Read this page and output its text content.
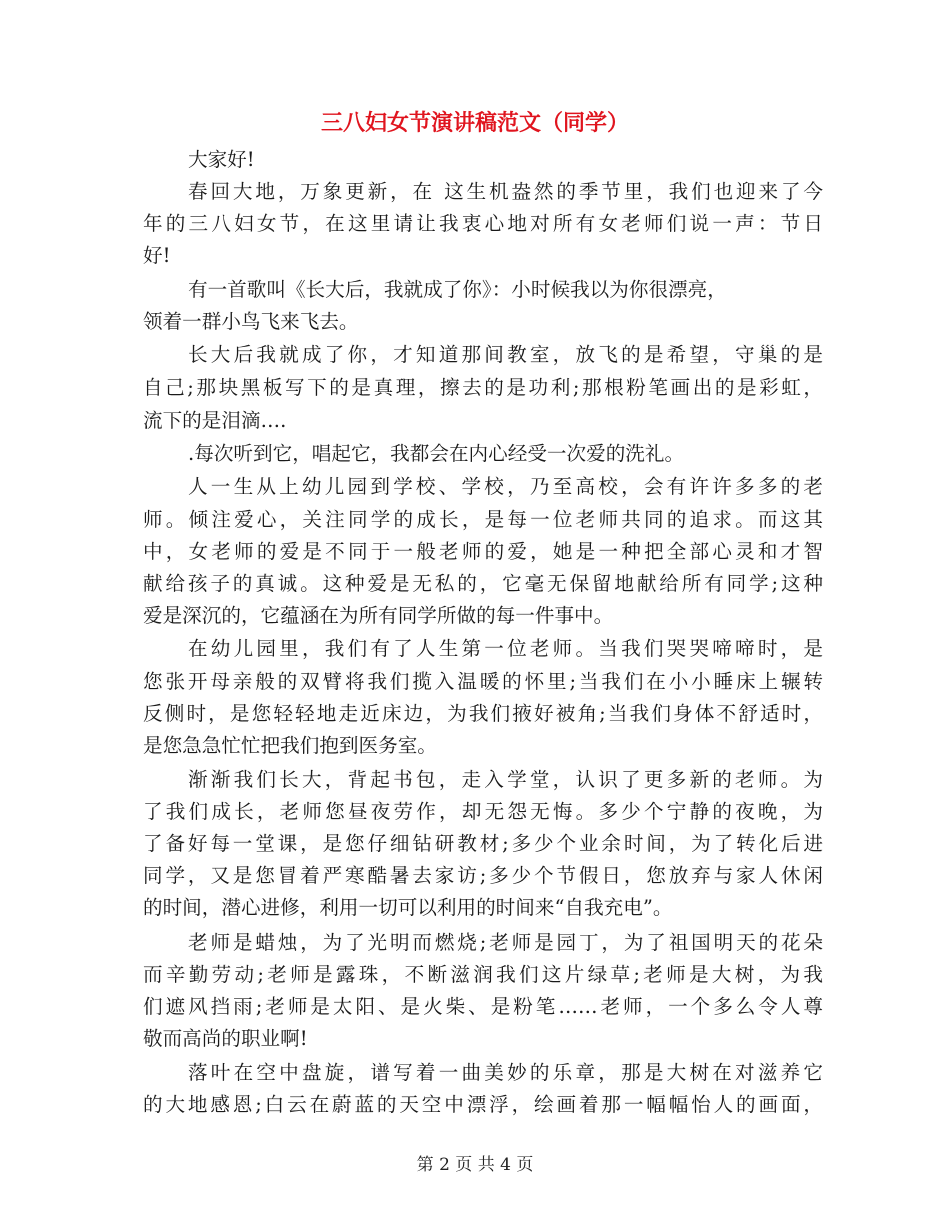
三八妇女节演讲稿范文（同学）

大家好!

春回大地，万象更新，在 这生机盎然的季节里，我们也迎来了今

年的三八妇女节，在这里请让我衷心地对所有女老师们说一声：节日

好!

有一首歌叫《长大后，我就成了你》：小时候我以为你很漂亮，

领着一群小鸟飞来飞去。

长大后我就成了你，才知道那间教室，放飞的是希望，守巢的是

自己;那块黑板写下的是真理，擦去的是功利;那根粉笔画出的是彩虹，

流下的是泪滴….

.每次听到它，唱起它，我都会在内心经受一次爱的洗礼。

人一生从上幼儿园到学校、学校，乃至高校，会有许许多多的老

师。倾注爱心，关注同学的成长，是每一位老师共同的追求。而这其

中，女老师的爱是不同于一般老师的爱，她是一种把全部心灵和才智

献给孩子的真诚。这种爱是无私的，它毫无保留地献给所有同学;这种

爱是深沉的，它蕴涵在为所有同学所做的每一件事中。

在幼儿园里，我们有了人生第一位老师。当我们哭哭啼啼时，是

您张开母亲般的双臂将我们揽入温暖的怀里;当我们在小小睡床上辗转

反侧时，是您轻轻地走近床边，为我们掖好被角;当我们身体不舒适时，

是您急急忙忙把我们抱到医务室。

渐渐我们长大，背起书包，走入学堂，认识了更多新的老师。为

了我们成长，老师您昼夜劳作，却无怨无悔。多少个宁静的夜晚，为

了备好每一堂课，是您仔细钻研教材;多少个业余时间，为了转化后进

同学，又是您冒着严寒酷暑去家访;多少个节假日，您放弃与家人休闲

的时间，潜心进修，利用一切可以利用的时间来“自我充电”。

老师是蜡烛，为了光明而燃烧;老师是园丁，为了祖国明天的花朵

而辛勤劳动;老师是露珠，不断滋润我们这片绿草;老师是大树，为我

们遮风挡雨;老师是太阳、是火柴、是粉笔……老师，一个多么令人尊

敬而高尚的职业啊!

落叶在空中盘旋，谱写着一曲美妙的乐章，那是大树在对滋养它

的大地感恩;白云在蔚蓝的天空中漂浮，绘画着那一幅幅怡人的画面，

第 2 页 共 4 页
